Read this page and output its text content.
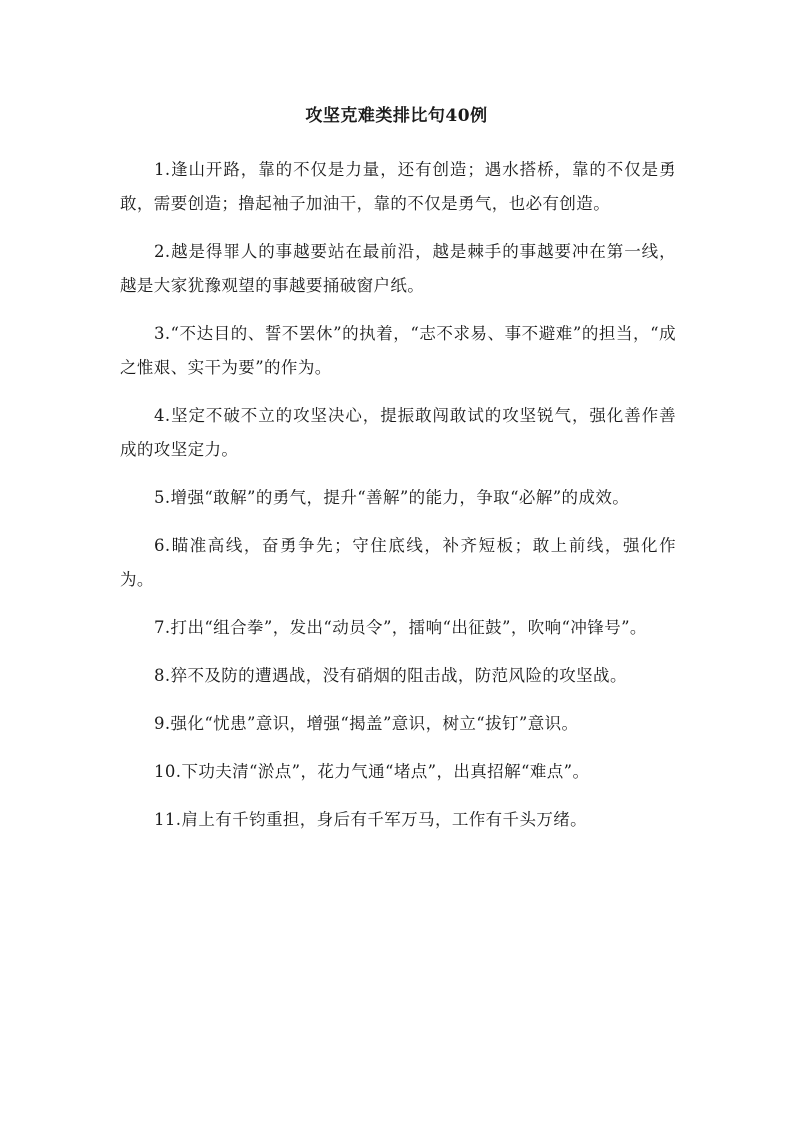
攻坚克难类排比句40例

1.逢山开路，靠的不仅是力量，还有创造；遇水搭桥，靠的不仅是勇敢，需要创造；撸起袖子加油干，靠的不仅是勇气，也必有创造。

2.越是得罪人的事越要站在最前沿，越是棘手的事越要冲在第一线，越是大家犹豫观望的事越要捅破窗户纸。

3.“不达目的、誓不罢休”的执着，“志不求易、事不避难”的担当，“成之惟艰、实干为要”的作为。

4.坚定不破不立的攻坚决心，提振敢闯敢试的攻坚锐气，强化善作善成的攻坚定力。

5.增强“敢解”的勇气，提升“善解”的能力，争取“必解”的成效。

6.瞄准高线，奋勇争先；守住底线，补齐短板；敢上前线，强化作为。

7.打出“组合拳”，发出“动员令”，擂响“出征鼓”，吹响“冲锋号”。

8.猝不及防的遭遇战，没有硝烟的阻击战，防范风险的攻坚战。

9.强化“忧患”意识，增强“揭盖”意识，树立“拔钉”意识。

10.下功夫清“淤点”，花力气通“堵点”，出真招解“难点”。

11.肩上有千钧重担，身后有千军万马，工作有千头万绪。
